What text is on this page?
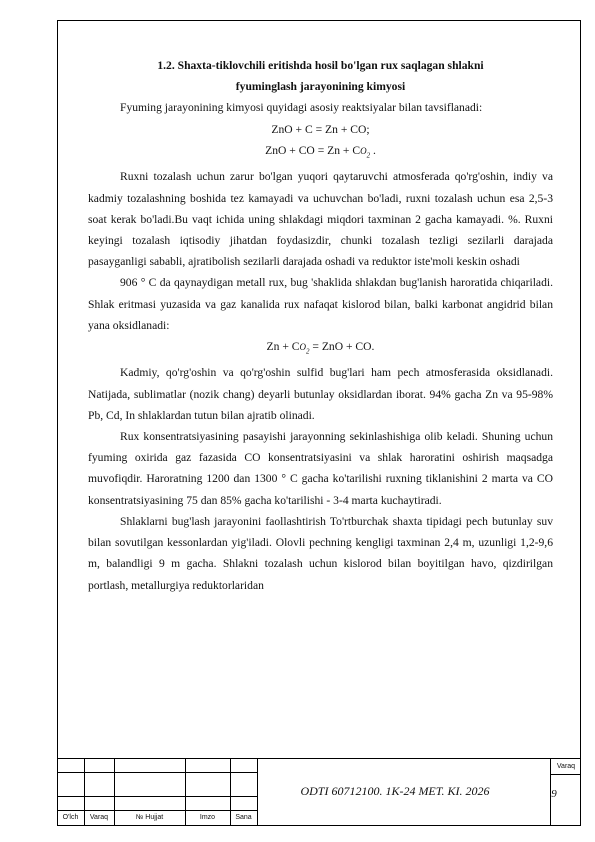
1.2. Shaxta-tiklovchili eritishda hosil bo'lgan rux saqlagan shlakni
fyuminglash jarayonining kimyosi

Fyuming jarayonining kimyosi quyidagi asosiy reaktsiyalar bilan tavsiflanadi:

ZnO + C = Zn + CO;

ZnO + CO = $Zn + CO_2$ .

Ruxni tozalash uchun zarur bo'lgan yuqori qaytaruvchi atmosferada qo'rg'oshin, indiy va kadmiy tozalashning boshida tez kamayadi va uchuvchan bo'ladi, ruxni tozalash uchun esa 2,5-3 soat kerak bo'ladi.Bu vaqt ichida uning shlakdagi miqdori taxminan 2 gacha kamayadi. %. Ruxni keyingi tozalash iqtisodiy jihatdan foydasizdir, chunki tozalash tezligi sezilarli darajada pasayganligi sababli, ajratibolish sezilarli darajada oshadi va reduktor iste'moli keskin oshadi

906 ° C da qaynaydigan metall rux, bug 'shaklida shlakdan bug'lanish haroratida chiqariladi. Shlak eritmasi yuzasida va gaz kanalida rux nafaqat kislorod bilan, balki karbonat angidrid bilan yana oksidlanadi:

$Zn + CO_2$ = ZnO + CO.

Kadmiy, qo'rg'oshin va qo'rg'oshin sulfid bug'lari ham pech atmosferasida oksidlanadi. Natijada, sublimatlar (nozik chang) deyarli butunlay oksidlardan iborat. 94% gacha Zn va 95-98% Pb, Cd, In shlaklardan tutun bilan ajratib olinadi.

Rux konsentratsiyasining pasayishi jarayonning sekinlashishiga olib keladi. Shuning uchun fyuming oxirida gaz fazasida CO konsentratsiyasini va shlak haroratini oshirish maqsadga muvofiqdir. Haroratning 1200 dan 1300 ° C gacha ko'tarilishi ruxning tiklanishini 2 marta va CO konsentratsiyasining 75 dan 85% gacha ko'tarilishi - 3-4 marta kuchaytiradi.

Shlaklarni bug'lash jarayonini faollashtirish To'rtburchak shaxta tipidagi pech butunlay suv bilan sovutilgan kessonlardan yig'iladi. Olovli pechning kengligi taxminan 2,4 m, uzunligi 1,2-9,6 m, balandligi 9 m gacha. Shlakni tozalash uchun kislorod bilan boyitilgan havo, qizdirilgan portlash, metallurgiya reduktorlaridan

O'lch	Varaq	№ Hujjat	Imzo	Sana
ODTI 60712100. 1K-24 MET. KI. 2026
Varaq
9
